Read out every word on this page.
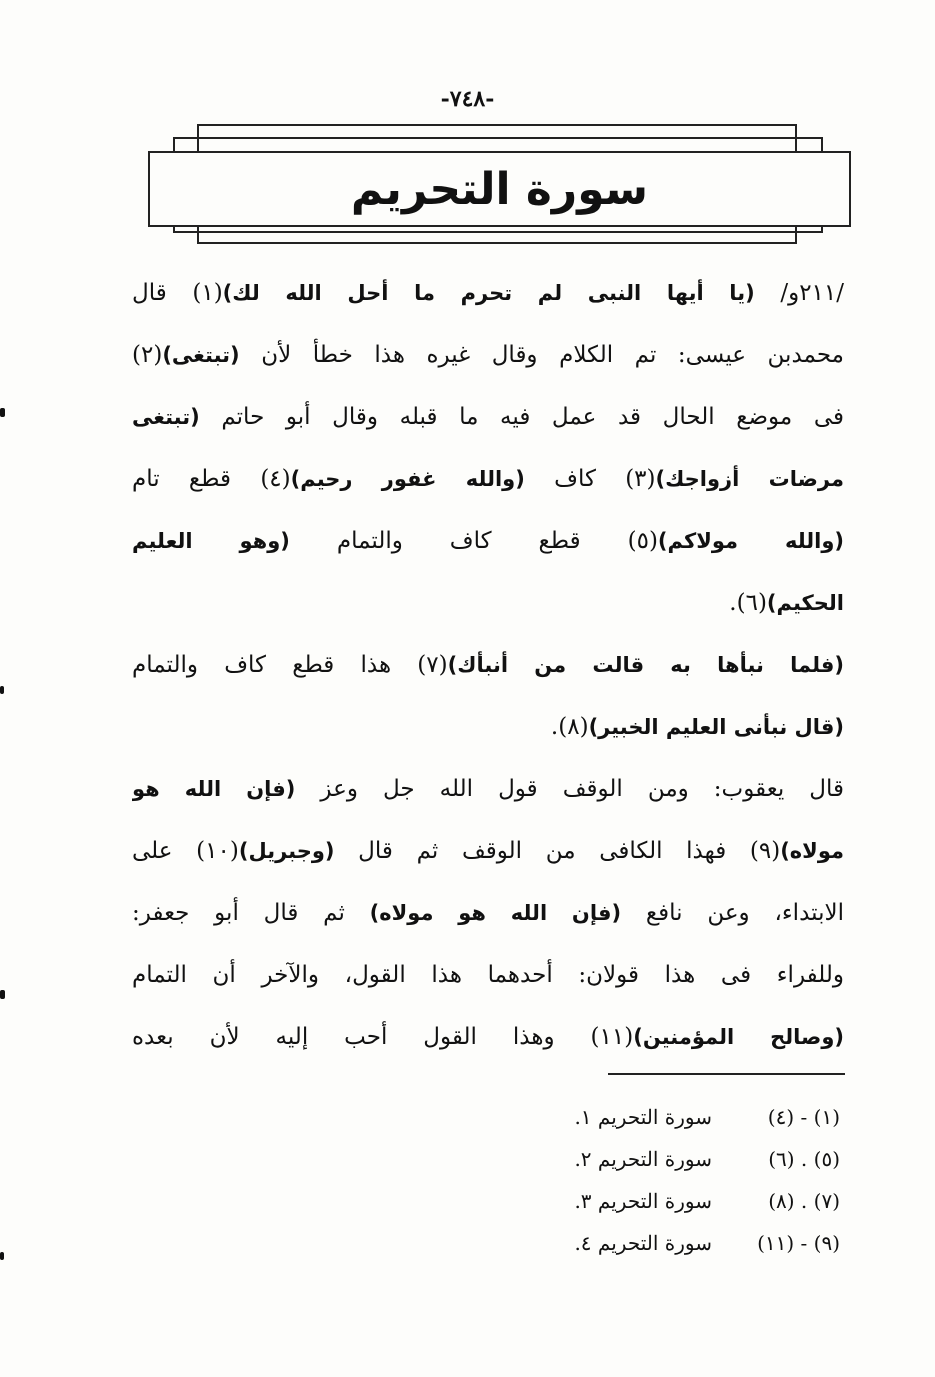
-٧٤٨-
سورة التحريم
/٢١١و/ (يا أيها النبى لم تحرم ما أحل الله لك)(١) قال
محمدبن عيسى: تم الكلام وقال غيره هذا خطأ لأن (تبتغى)(٢)
فى موضع الحال قد عمل فيه ما قبله وقال أبو حاتم (تبتغى
مرضات أزواجك)(٣) كاف (والله غفور رحيم)(٤) قطع تام
(والله مولاكم)(٥) قطع كاف والتمام (وهو العليم
الحكيم)(٦).
(فلما نبأها به قالت من أنبأك)(٧) هذا قطع كاف والتمام
(قال نبأنى العليم الخبير)(٨).
قال يعقوب: ومن الوقف قول الله جل وعز (فإن الله هو
مولاه)(٩) فهذا الكافى من الوقف ثم قال (وجبريل)(١٠) على
الابتداء، وعن نافع (فإن الله هو مولاه) ثم قال أبو جعفر:
وللفراء فى هذا قولان: أحدهما هذا القول، والآخر أن التمام
(وصالح المؤمنين)(١١) وهذا القول أحب إليه لأن بعده
(١) - (٤)سورة التحريم ١.
(٥) . (٦)سورة التحريم ٢.
(٧) . (٨)سورة التحريم ٣.
(٩) - (١١)سورة التحريم ٤.
